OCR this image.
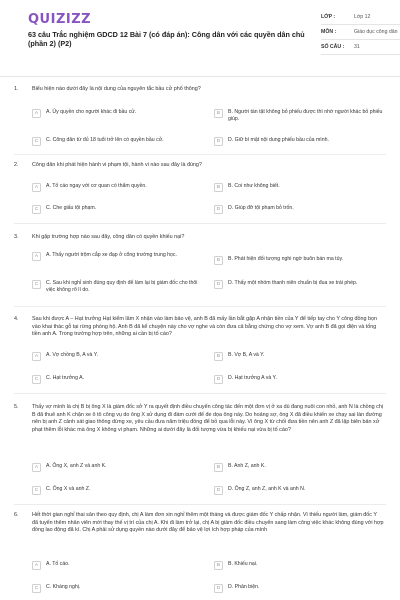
QUIZIZZ
63 câu Trắc nghiệm GDCD 12 Bài 7 (có đáp án): Công dân với các quyền dân chủ (phần 2) (P2)
LỚP :	Lớp 12
MÔN :	Giáo dục công dân
SỐ CÂU :	31
1.	Biểu hiện nào dưới đây là nội dung của nguyên tắc bầu cử phổ thông?
A	A. Ủy quyền cho người khác đi bầu cử.	B	B. Người tàn tật không bỏ phiếu được thì nhờ người khác bỏ phiếu giúp.
C	C. Công dân từ đủ 18 tuổi trở lên có quyền bầu cử.	D	D. Giữ bí mật nội dung phiếu bầu của mình.
2.	Công dân khi phát hiện hành vi phạm tội, hành vi nào sau đây là đúng?
A	A. Tố cáo ngay với cơ quan có thẩm quyền.	B	B. Coi như không biết.
C	C. Che giấu tội phạm.	D	D. Giúp đỡ tội phạm bỏ trốn.
3.	Khi gặp trường hợp nào sau đây, công dân có quyền khiếu nại?
A	A. Thấy người trộm cắp xe đạp ở cổng trường trung học.
B	B. Phát hiện đối tượng nghi ngờ buôn bán ma túy.
C	C. Sau khi nghỉ sinh đúng quy định để làm lại bị giám đốc cho thôi việc không rõ lí do.
D	D. Thấy một nhóm thanh niên chuẩn bị đua xe trái phép.
4.	Sau khi được A – Hạt trưởng Hạt kiểm lâm X nhận vào làm bảo vệ, anh B đã mấy lần bắt gặp A nhận tiền của Y để tiếp tay cho Y công đồng bọn vào khai thác gỗ tại rừng phòng hộ. Anh B đã kể chuyện này cho vợ nghe và còn đưa cả bằng chứng cho vợ xem. Vợ anh B đã gọi điện và tống tiền anh A. Trong trường hợp trên, những ai cần bị tố cáo?
A	A. Vợ chồng B, A và Y.	B	B. Vợ B, A và Y.
C	C. Hạt trưởng A.	D	D. Hạt trưởng A và Y.
5.	Thấy vợ mình là chị B bị ông X là giám đốc sở Y ra quyết định điều chuyển công tác đến một đơn vị ở xa dù đang nuôi con nhỏ, anh N là chồng chị B đã thuê anh K chặn xe ô tô công vụ do ông X sử dụng đi đám cưới để đe dọa ông này. Do hoảng sợ, ông X đã điều khiển xe chạy sai làn đường nên bị anh Z cảnh sát giao thông dừng xe, yêu cầu đưa năm triệu đồng để bỏ qua lỗi này. Vì ông X từ chối đưa tiền nên anh Z đã lập biên bản xử phạt thêm lỗi khác mà ông X không vi phạm. Những ai dưới đây là đối tượng vừa bị khiếu nại vừa bị tố cáo?
A	A. Ông X, anh Z và anh K.	B	B. Anh Z, anh K.
C	C. Ông X và anh Z.	D	D. Ông Z, anh Z, anh K và anh N.
6.	Hết thời gian nghỉ thai sản theo quy định, chị A làm đơn xin nghỉ thêm một tháng và được giám đốc Y chấp nhận. Vì thiếu người làm, giám đốc Y đã tuyển thêm nhân viên mới thay thế vị trí của chị A. Khi đi làm trở lại, chị A bị giám đốc điều chuyển sang làm công việc khác không đúng với hợp đồng lao động đã kí. Chị A phải sử dụng quyền nào dưới đây để bảo vệ lợi ích hợp pháp của mình
A	A. Tố cáo.	B	B. Khiếu nại.
C	C. Kháng nghị.	D	D. Phản biện.
